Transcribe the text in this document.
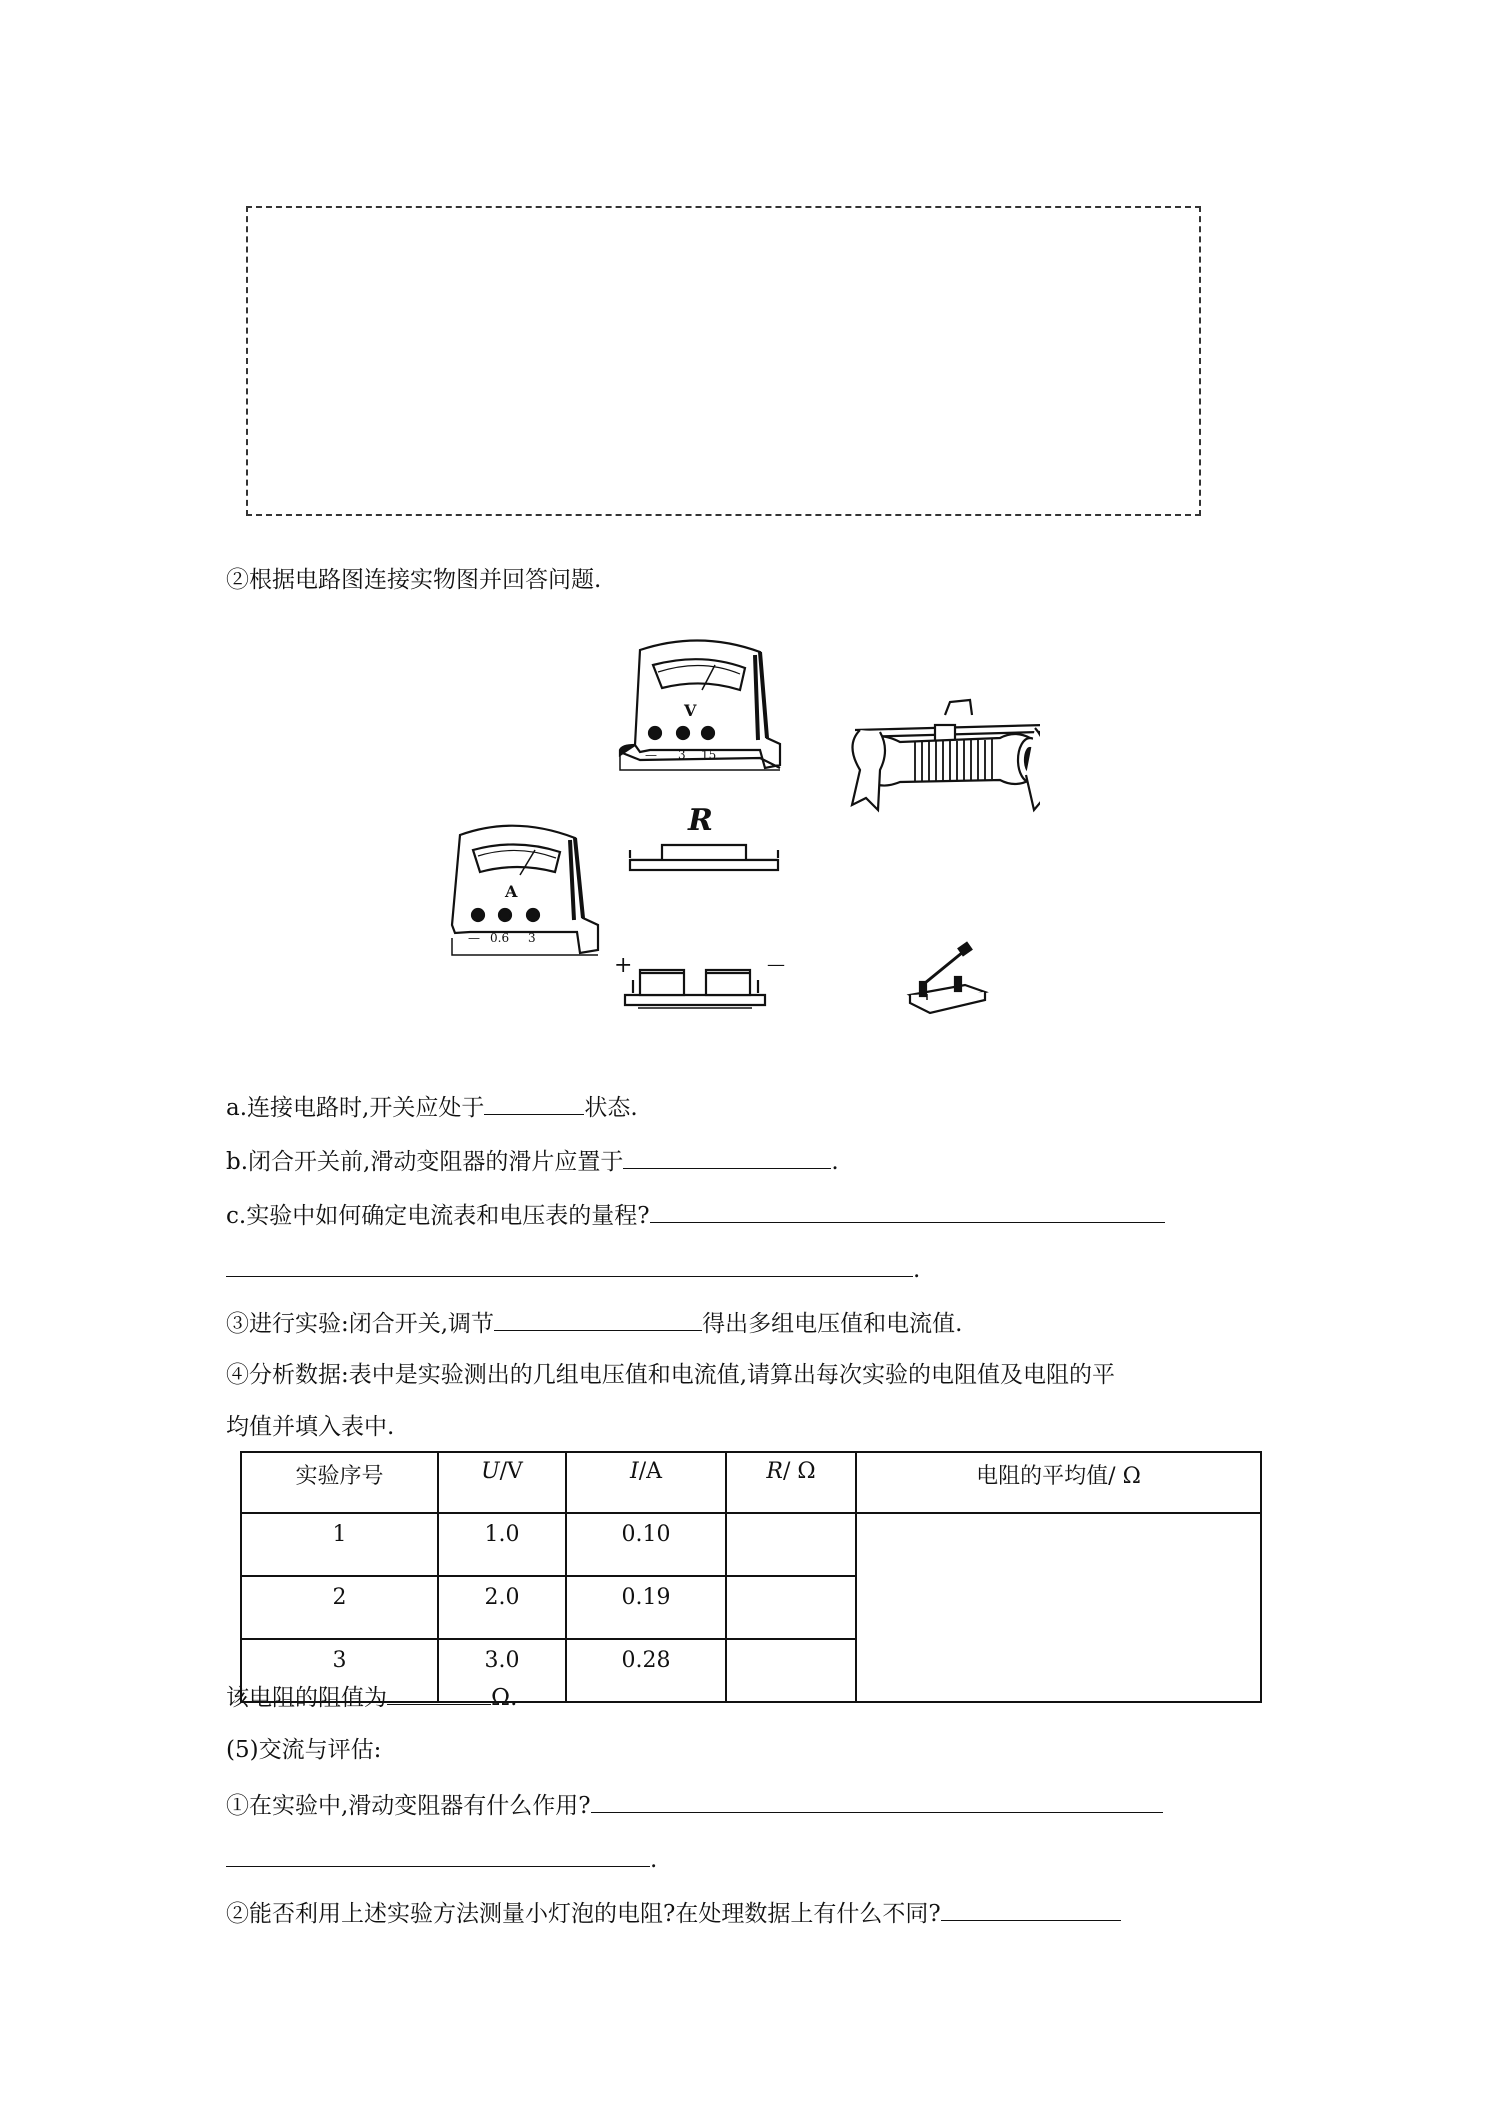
②根据电路图连接实物图并回答问题.
V
— 3 15
R
A
— 0.6 3
+	—
a.连接电路时,开关应处于	状态.
b.闭合开关前,滑动变阻器的滑片应置于	.
c.实验中如何确定电流表和电压表的量程?
.
③进行实验:闭合开关,调节	得出多组电压值和电流值.
④分析数据:表中是实验测出的几组电压值和电流值,请算出每次实验的电阻值及电阻的平
均值并填入表中.
实验序号	U/V	I/A	R/ Ω	电阻的平均值/ Ω
1	1.0	0.10		
2	2.0	0.19		
3	3.0	0.28		
该电阻的阻值为	Ω.
(5)交流与评估:
①在实验中,滑动变阻器有什么作用?
.
②能否利用上述实验方法测量小灯泡的电阻?在处理数据上有什么不同?
